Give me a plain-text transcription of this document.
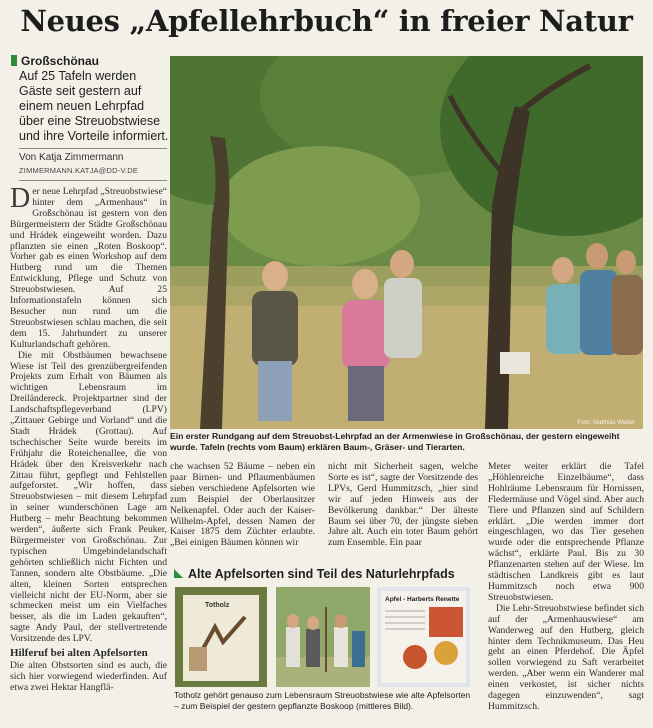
Neues „Apfellehrbuch“ in freier Natur
Großschönau
Auf 25 Tafeln werden Gäste seit gestern auf einem neuen Lehrpfad über eine Streuobstwiese und ihre Vorteile informiert.
Von Katja Zimmermann
ZIMMERMANN.KATJA@DD-V.DE

Der neue Lehrpfad „Streuobstwiese“ hinter dem „Armenhaus“ in Großschönau ist gestern von den Bürgermeistern der Städte Großschönau und Hrádek eingeweiht worden. Dazu pflanzten sie einen „Roten Boskoop“. Vorher gab es einen Workshop auf dem Hutberg rund um die Themen Entwicklung, Pflege und Schutz von Streuobstwiesen. Auf 25 Informationstafeln können sich Besucher nun rund um die Streuobstwiesen schlau machen, die seit dem 15. Jahrhundert zu unserer Kulturlandschaft gehören.

Die mit Obstbäumen bewachsene Wiese ist Teil des grenzübergreifenden Projekts zum Erhalt von Bäumen als wichtigen Lebensraum im Dreiländereck. Projektpartner sind der Landschaftspflegeverband (LPV) „Zittauer Gebirge und Vorland“ und die Stadt Hrádek (Grottau). Auf tschechischer Seite wurde bereits im Frühjahr die Roteichenallee, die von Hrádek über den Kreisverkehr nach Zittau führt, gepflegt und Fehlstellen aufgeforstet. „Wir hoffen, dass Streuobstwiesen – mit diesem Lehrpfad in seiner wunderschönen Lage am Hutberg – mehr Beachtung bekommen werden“, äußerte sich Frank Peuker, Bürgermeister von Großschönau. Zur typischen Umgebindelandschaft gehörten schließlich nicht Fichten und Tannen, sondern alte Obstbäume. „Die alten, kleinen Sorten entsprechen vielleicht nicht der EU-Norm, aber sie schmecken meist um ein Vielfaches besser, als die im Laden gekauften“, sagte Andy Paul, der stellvertretende Vorsitzende des LPV.

Hilferuf bei alten Apfelsorten

Die alten Obstsorten sind es auch, die sich hier vorwiegend wiederfinden. Auf etwa zwei Hektar Hangflä-

Foto: Matthias Weber
Ein erster Rundgang auf dem Streuobst-Lehrpfad an der Armenwiese in Großschönau, der gestern eingeweiht wurde. Tafeln (rechts vom Baum) erklären Baum-, Gräser- und Tierarten.

che wachsen 52 Bäume – neben ein paar Birnen- und Pflaumenbäumen sieben verschiedene Apfelsorten wie zum Beispiel der Oberlausitzer Nelkenapfel. Oder auch der Kaiser-Wilhelm-Apfel, dessen Namen der Kaiser 1875 dem Züchter erlaubte. „Bei einigen Bäumen können wir

nicht mit Sicherheit sagen, welche Sorte es ist“, sagte der Vorsitzende des LPVs, Gerd Hummitzsch, „hier sind wir auf jeden Hinweis aus der Bevölkerung dankbar.“ Der älteste Baum sei über 70, der jüngste sieben Jahre alt. Auch ein toter Baum gehört zum Ensemble. Ein paar

Meter weiter erklärt die Tafel „Höhlenreiche Einzelbäume“, dass Hohlräume Lebensraum für Hornissen, Fledermäuse und Vögel sind. Aber auch Tiere und Pflanzen sind auf Schildern erklärt. „Die werden immer dort eingeschlagen, wo das Tier gesehen wurde oder die entsprechende Pflanze wächst“, erklärte Paul. Bis zu 30 Pflanzenarten stehen auf der Wiese. Im städtischen Landkreis gibt es laut Hummitzsch noch etwa 900 Streuobstwiesen.

Die Lehr-Streuobstwiese befindet sich auf der „Armenhauswiese“ am Wanderweg auf den Hutberg, gleich hinter dem Technikmuseum. Das Heu geht an einen Pferdehof. Die Äpfel sollen vorwiegend zu Saft verarbeitet werden. „Aber wenn ein Wanderer mal einen verkostet, ist sicher nichts dagegen einzuwenden“, sagt Hummitzsch.

Alte Apfelsorten sind Teil des Naturlehrpfads
Totholz
Apfel - Harberts Renette
Totholz gehört genauso zum Lebensraum Streuobstwiese wie alte Apfelsorten – zum Beispiel der gestern gepflanzte Boskoop (mittleres Bild).
